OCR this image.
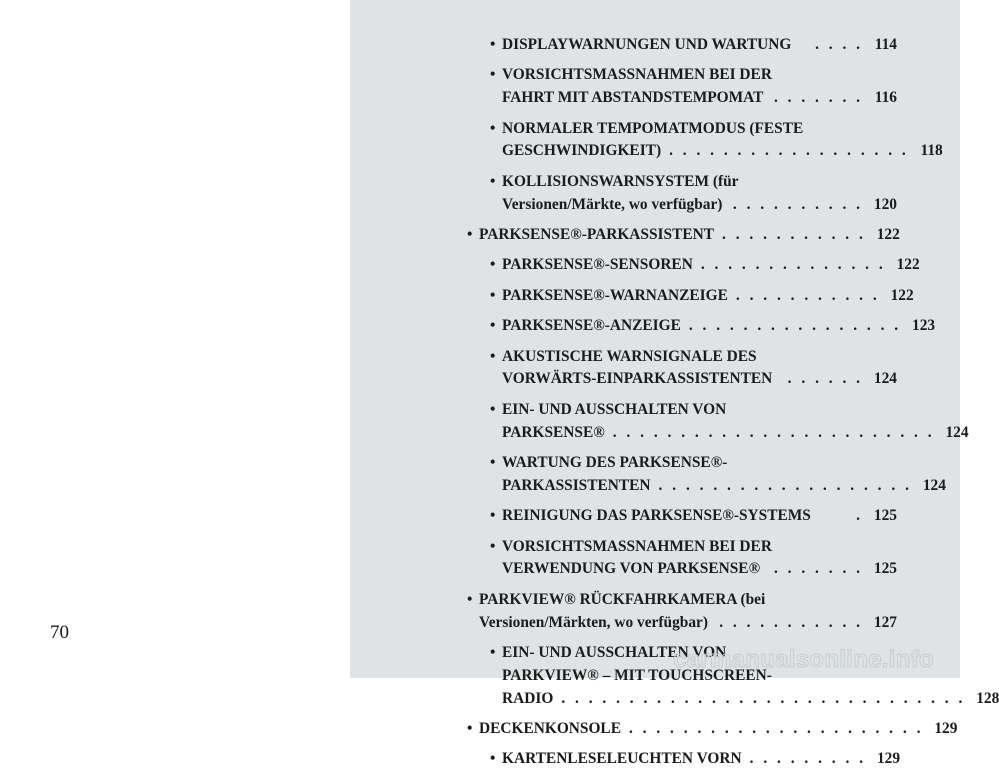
70
• DISPLAYWARNUNGEN UND WARTUNG	. . . . 114
• VORSICHTSMASSNAHMEN BEI DER
FAHRT MIT ABSTANDSTEMPOMAT . . . . . . . 116
• NORMALER TEMPOMATMODUS (FESTE
GESCHWINDIGKEIT) . . . . . . . . . . . . . . . . . . 118
• KOLLISIONSWARNSYSTEM (für
Versionen/Märkte, wo verfügbar) . . . . . . . . . . 120
• PARKSENSE®-PARKASSISTENT . . . . . . . . . . . 122
• PARKSENSE®-SENSOREN . . . . . . . . . . . . . . 122
• PARKSENSE®-WARNANZEIGE . . . . . . . . . . . 122
• PARKSENSE®-ANZEIGE . . . . . . . . . . . . . . . . 123
• AKUSTISCHE WARNSIGNALE DES
VORWÄRTS-EINPARKASSISTENTEN . . . . . . 124
• EIN- UND AUSSCHALTEN VON
PARKSENSE® . . . . . . . . . . . . . . . . . . . . . . . . 124
• WARTUNG DES PARKSENSE®-
PARKASSISTENTEN . . . . . . . . . . . . . . . . . . . 124
• REINIGUNG DAS PARKSENSE®-SYSTEMS	. 125
• VORSICHTSMASSNAHMEN BEI DER
VERWENDUNG VON PARKSENSE® . . . . . . . 125
• PARKVIEW® RÜCKFAHRKAMERA (bei
Versionen/Märkten, wo verfügbar) . . . . . . . . . . . 127
• EIN- UND AUSSCHALTEN VON
PARKVIEW® – MIT TOUCHSCREEN-
RADIO . . . . . . . . . . . . . . . . . . . . . . . . . . . . . . 128
• DECKENKONSOLE . . . . . . . . . . . . . . . . . . . . . . 129
• KARTENLESELEUCHTEN VORN . . . . . . . . . 129
carmanualsonline.info
